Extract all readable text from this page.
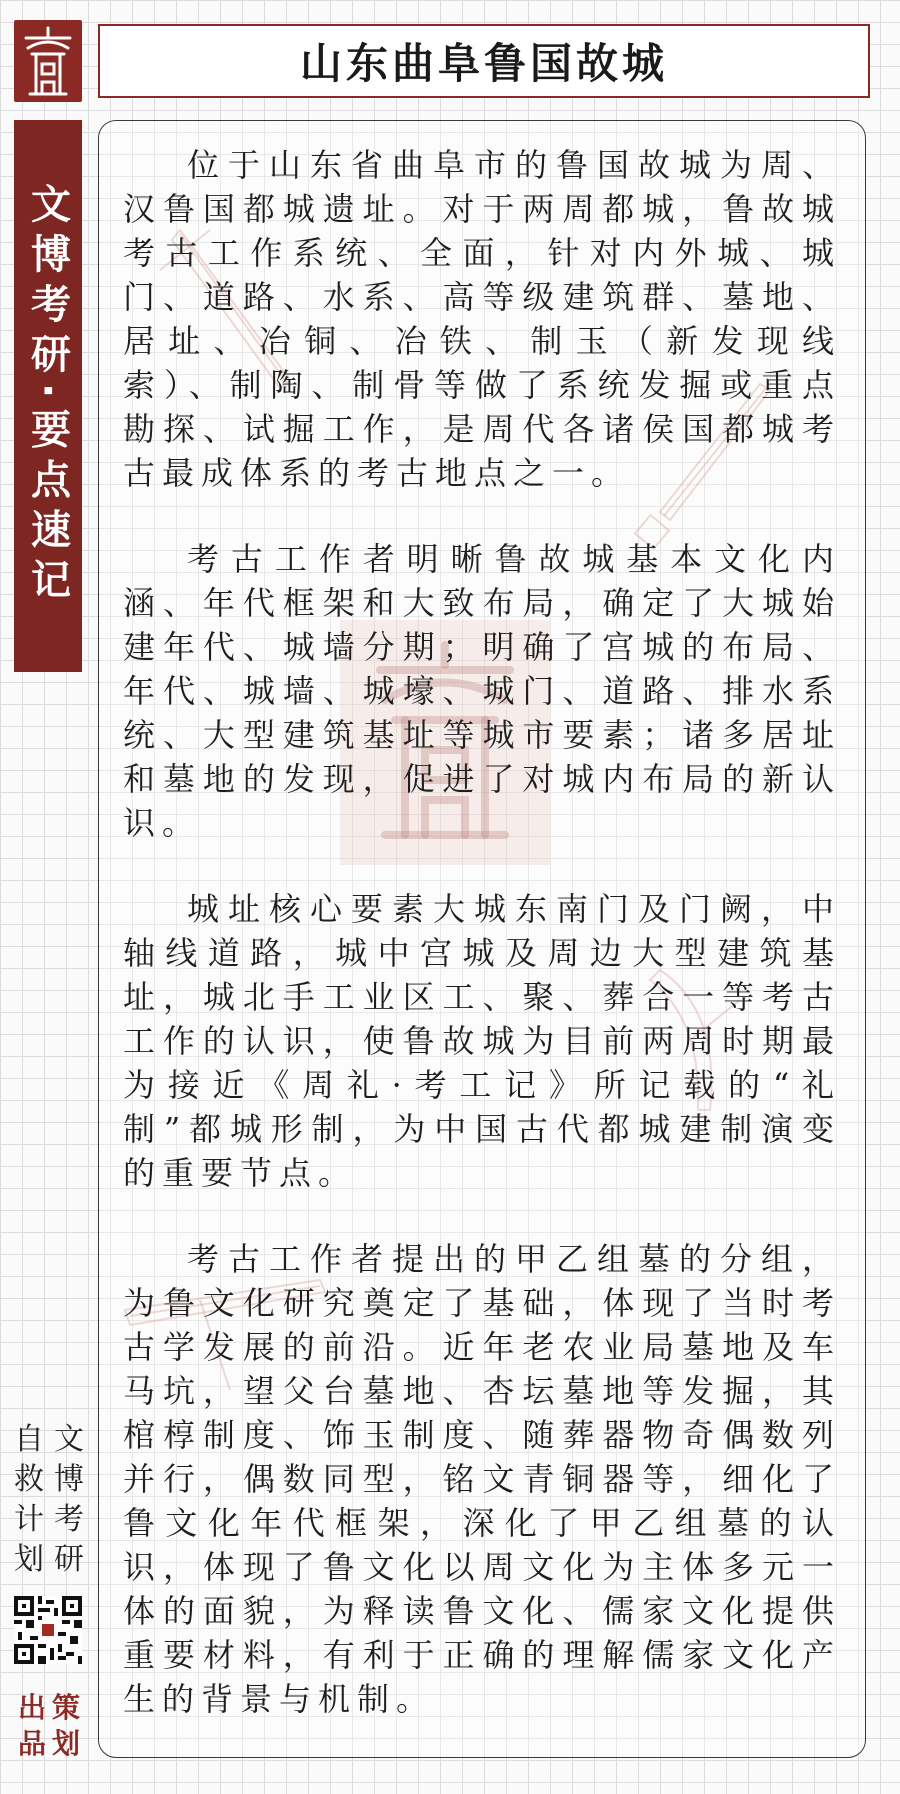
文博考研·要点速记
山东曲阜鲁国故城

位于山东省曲阜市的鲁国故城为周、汉鲁国都城遗址。对于两周都城，鲁故城考古工作系统、全面，针对内外城、城门、道路、水系、高等级建筑群、墓地、居址、冶铜、冶铁、制玉（新发现线索）、制陶、制骨等做了系统发掘或重点勘探、试掘工作，是周代各诸侯国都城考古最成体系的考古地点之一。

考古工作者明晰鲁故城基本文化内涵、年代框架和大致布局，确定了大城始建年代、城墙分期；明确了宫城的布局、年代、城墙、城壕、城门、道路、排水系统、大型建筑基址等城市要素；诸多居址和墓地的发现，促进了对城内布局的新认识。

城址核心要素大城东南门及门阙，中轴线道路，城中宫城及周边大型建筑基址，城北手工业区工、聚、葬合一等考古工作的认识，使鲁故城为目前两周时期最为接近《周礼·考工记》所记载的“礼制”都城形制，为中国古代都城建制演变的重要节点。

考古工作者提出的甲乙组墓的分组，为鲁文化研究奠定了基础，体现了当时考古学发展的前沿。近年老农业局墓地及车马坑，望父台墓地、杏坛墓地等发掘，其棺椁制度、饰玉制度、随葬器物奇偶数列并行，偶数同型，铭文青铜器等，细化了鲁文化年代框架，深化了甲乙组墓的认识，体现了鲁文化以周文化为主体多元一体的面貌，为释读鲁文化、儒家文化提供重要材料，有利于正确的理解儒家文化产生的背景与机制。

自 文
救 博
计 考
划 研
出 策
品 划
